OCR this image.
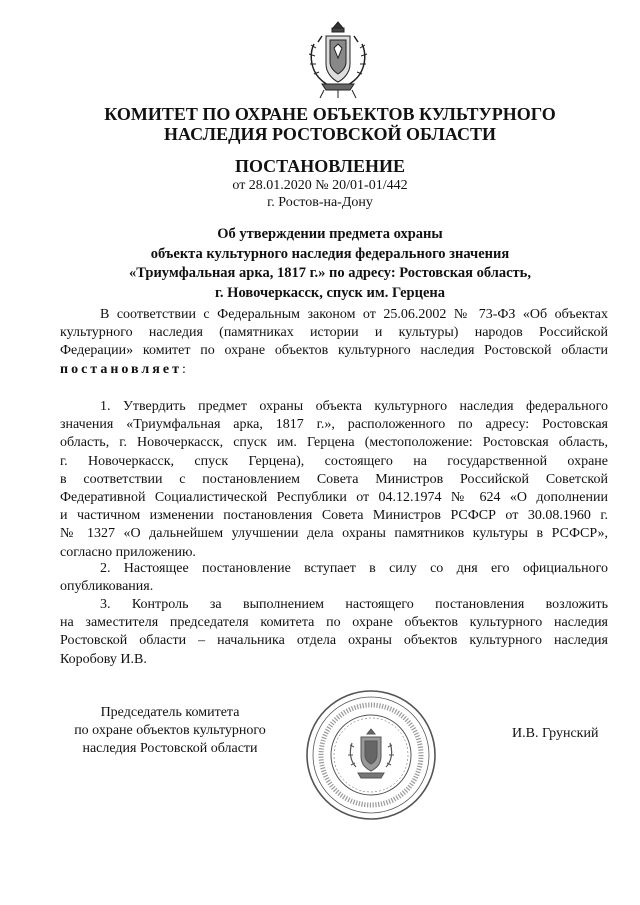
КОМИТЕТ ПО ОХРАНЕ ОБЪЕКТОВ КУЛЬТУРНОГО
НАСЛЕДИЯ РОСТОВСКОЙ ОБЛАСТИ
ПОСТАНОВЛЕНИЕ
от 28.01.2020 № 20/01-01/442
г. Ростов-на-Дону
Об утверждении предмета охраны
объекта культурного наследия федерального значения
«Триумфальная арка, 1817 г.» по адресу: Ростовская область,
г. Новочеркасск, спуск им. Герцена
В соответствии с Федеральным законом от 25.06.2002 № 73-ФЗ «Об объектах
культурного наследия (памятниках истории и культуры) народов Российской
Федерации» комитет по охране объектов культурного наследия Ростовской области
постановляет:
1. Утвердить предмет охраны объекта культурного наследия федерального
значения «Триумфальная арка, 1817 г.», расположенного по адресу: Ростовская
область, г. Новочеркасск, спуск им. Герцена (местоположение: Ростовская область,
г. Новочеркасск, спуск Герцена), состоящего на государственной охране
в соответствии с постановлением Совета Министров Российской Советской
Федеративной Социалистической Республики от 04.12.1974 № 624 «О дополнении
и частичном изменении постановления Совета Министров РСФСР от 30.08.1960 г.
№ 1327 «О дальнейшем улучшении дела охраны памятников культуры в РСФСР»,
согласно приложению.
2. Настоящее постановление вступает в силу со дня его официального
опубликования.
3. Контроль за выполнением настоящего постановления возложить
на заместителя председателя комитета по охране объектов культурного наследия
Ростовской области – начальника отдела охраны объектов культурного наследия
Коробову И.В.
Председатель комитета
по охране объектов культурного
наследия Ростовской области
И.В. Грунский
